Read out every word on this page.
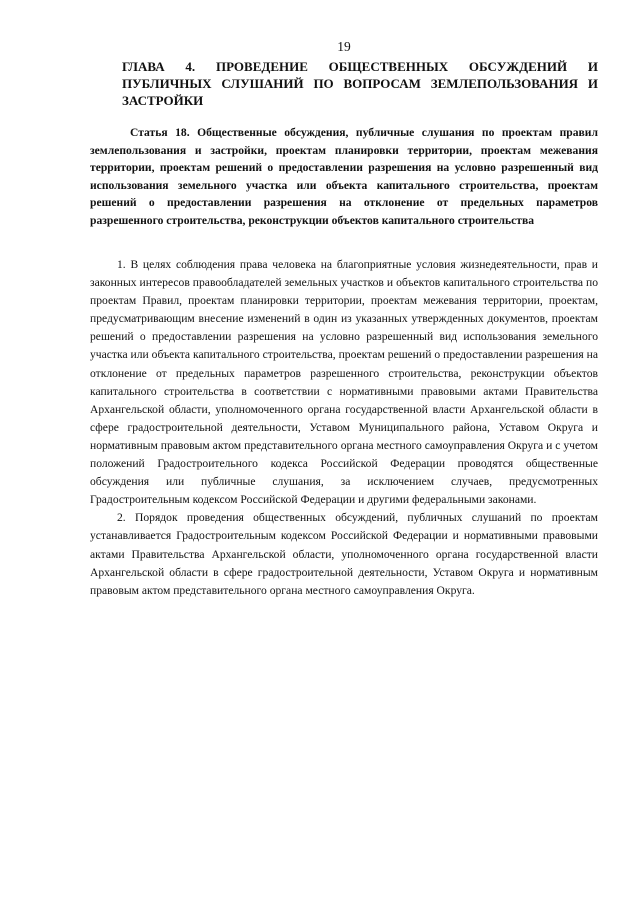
19
ГЛАВА 4. ПРОВЕДЕНИЕ ОБЩЕСТВЕННЫХ ОБСУЖДЕНИЙ И ПУБЛИЧНЫХ СЛУШАНИЙ ПО ВОПРОСАМ ЗЕМЛЕПОЛЬЗОВАНИЯ И ЗАСТРОЙКИ
Статья 18. Общественные обсуждения, публичные слушания по проектам правил землепользования и застройки, проектам планировки территории, проектам межевания территории, проектам решений о предоставлении разрешения на условно разрешенный вид использования земельного участка или объекта капитального строительства, проектам решений о предоставлении разрешения на отклонение от предельных параметров разрешенного строительства, реконструкции объектов капитального строительства

1. В целях соблюдения права человека на благоприятные условия жизнедеятельности, прав и законных интересов правообладателей земельных участков и объектов капитального строительства по проектам Правил, проектам планировки территории, проектам межевания территории, проектам, предусматривающим внесение изменений в один из указанных утвержденных документов, проектам решений о предоставлении разрешения на условно разрешенный вид использования земельного участка или объекта капитального строительства, проектам решений о предоставлении разрешения на отклонение от предельных параметров разрешенного строительства, реконструкции объектов капитального строительства в соответствии с нормативными правовыми актами Правительства Архангельской области, уполномоченного органа государственной власти Архангельской области в сфере градостроительной деятельности, Уставом Муниципального района, Уставом Округа и нормативным правовым актом представительного органа местного самоуправления Округа и с учетом положений Градостроительного кодекса Российской Федерации проводятся общественные обсуждения или публичные слушания, за исключением случаев, предусмотренных Градостроительным кодексом Российской Федерации и другими федеральными законами.

2. Порядок проведения общественных обсуждений, публичных слушаний по проектам устанавливается Градостроительным кодексом Российской Федерации и нормативными правовыми актами Правительства Архангельской области, уполномоченного органа государственной власти Архангельской области в сфере градостроительной деятельности, Уставом Округа и нормативным правовым актом представительного органа местного самоуправления Округа.
